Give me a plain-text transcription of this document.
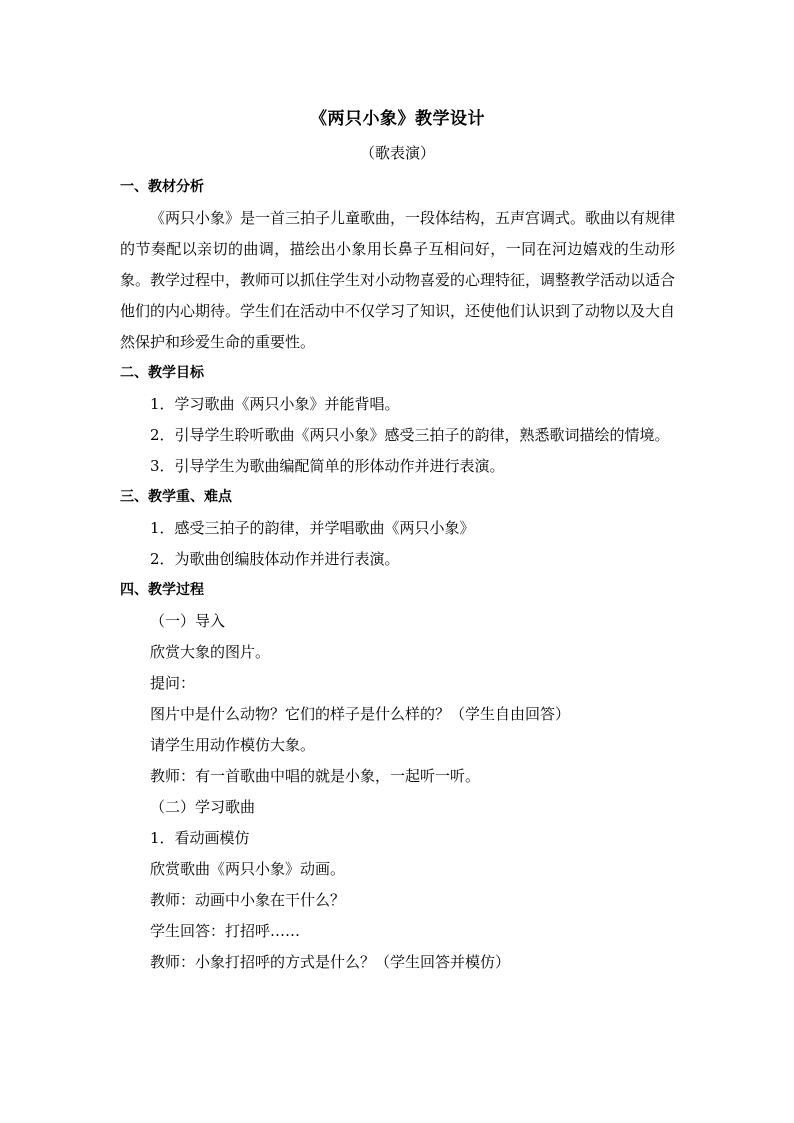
《两只小象》教学设计

（歌表演）

一、教材分析

《两只小象》是一首三拍子儿童歌曲，一段体结构，五声宫调式。歌曲以有规律的节奏配以亲切的曲调，描绘出小象用长鼻子互相问好，一同在河边嬉戏的生动形象。教学过程中，教师可以抓住学生对小动物喜爱的心理特征，调整教学活动以适合他们的内心期待。学生们在活动中不仅学习了知识，还使他们认识到了动物以及大自然保护和珍爱生命的重要性。

二、教学目标

1．学习歌曲《两只小象》并能背唱。

2．引导学生聆听歌曲《两只小象》感受三拍子的韵律，熟悉歌词描绘的情境。

3．引导学生为歌曲编配简单的形体动作并进行表演。

三、教学重、难点

1．感受三拍子的韵律，并学唱歌曲《两只小象》

2．为歌曲创编肢体动作并进行表演。

四、教学过程

（一）导入

欣赏大象的图片。

提问：

图片中是什么动物？它们的样子是什么样的？（学生自由回答）

请学生用动作模仿大象。

教师：有一首歌曲中唱的就是小象，一起听一听。

（二）学习歌曲

1．看动画模仿

欣赏歌曲《两只小象》动画。

教师：动画中小象在干什么？

学生回答：打招呼……

教师：小象打招呼的方式是什么？（学生回答并模仿）
